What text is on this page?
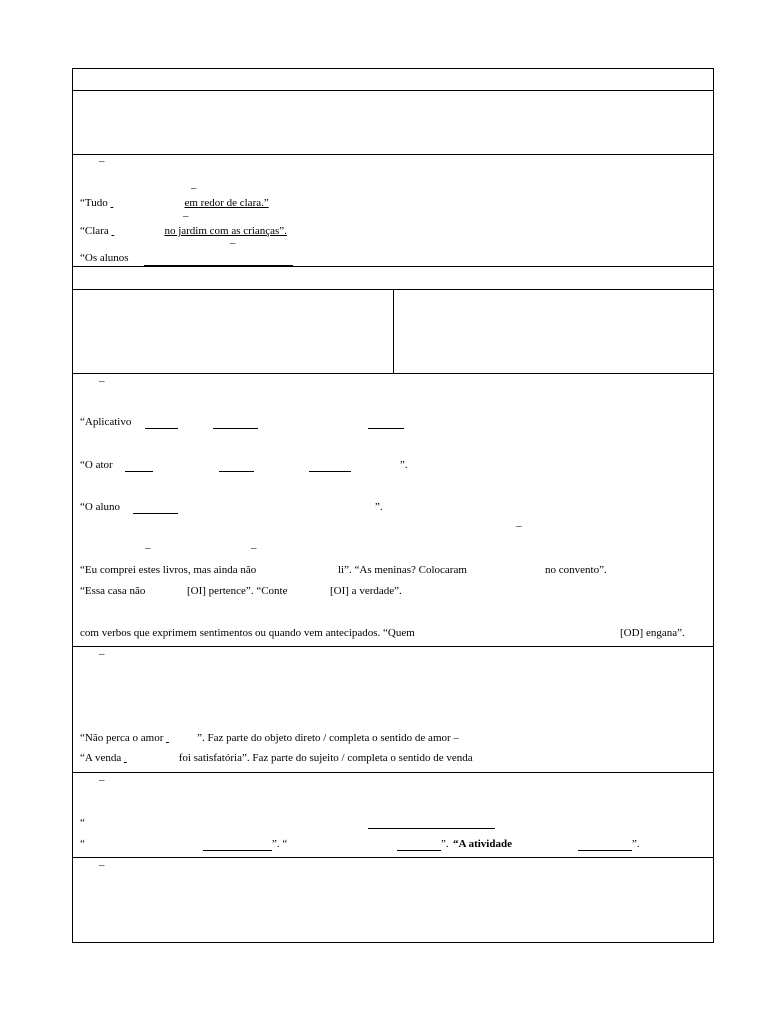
–
–
“Tudo	em redor de clara.”
–
“Clara	no jardim com as crianças”.
–
“Os alunos
–
“Aplicativo
“O ator	”.
“O aluno	”.
–
–	–
“Eu comprei estes livros, mas ainda não	li”. “As meninas? Colocaram	no convento”.
“Essa casa não	[OI] pertence”. “Conte	[OI] a verdade”.
com verbos que exprimem sentimentos ou quando vem antecipados. “Quem	[OD] engana”.
–
“Não perca o amor	”. Faz parte do objeto direto / completa o sentido de amor –
“A venda	foi satisfatória”. Faz parte do sujeito / completa o sentido de venda
–
“
“	”. “	”. “A atividade	”.
–
